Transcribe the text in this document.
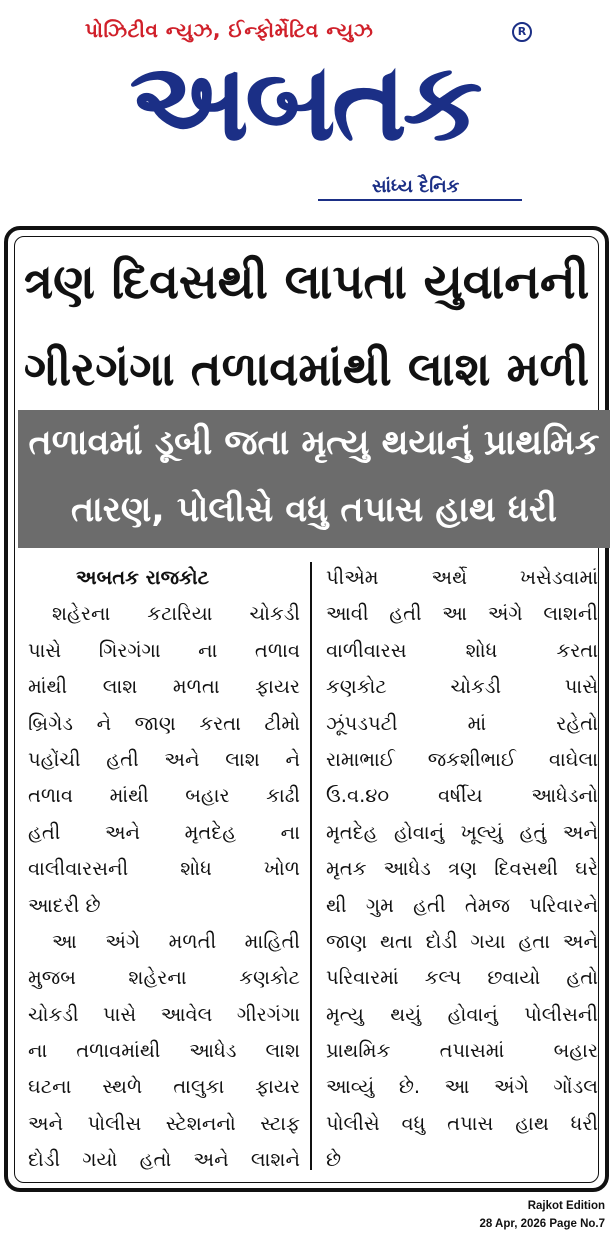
પોઝિટીવ ન્યુઝ, ઈન્ફોર્મેટિવ ન્યુઝ	R
અબતક
સાંધ્ય દૈનિક
ત્રણ દિવસથી લાપતા યુવાનની
ગીરગંગા તળાવમાંથી લાશ મળી
તળાવમાં ડૂબી જતા મૃત્યુ થયાનું પ્રાથમિક
તારણ, પોલીસે વધુ તપાસ હાથ ધરી
અબતક રાજકોટ
શહેરના કટારિયા ચોકડી
પાસે ગિરગંગા ના તળાવ
માંથી લાશ મળતા ફાયર
બ્રિગેડ ને જાણ કરતા ટીમો
પહોંચી હતી અને લાશ ને
તળાવ માંથી બહાર કાઢી
હતી અને મૃતદેહ ના
વાલીવારસની શોધ ખોળ
આદરી છે
આ અંગે મળતી માહિતી
મુજબ શહેરના કણકોટ
ચોકડી પાસે આવેલ ગીરગંગા
ના તળાવમાંથી આધેડ લાશ
ઘટના સ્થળે તાલુકા ફાયર
અને પોલીસ સ્ટેશનનો સ્ટાફ
દોડી ગયો હતો અને લાશને
પીએમ અર્થે ખસેડવામાં
આવી હતી આ અંગે લાશની
વાળીવારસ શોધ કરતા
કણકોટ ચોકડી પાસે
ઝૂંપડપટી માં રહેતો
રામાભાઈ જકશીભાઈ વાઘેલા
ઉ.વ.૪૦ વર્ષીય આધેડનો
મૃતદેહ હોવાનું ખૂલ્યું હતું અને
મૃતક આધેડ ત્રણ દિવસથી ઘરે
થી ગુમ હતી તેમજ પરિવારને
જાણ થતા દોડી ગયા હતા અને
પરિવારમાં કલ્પ છવાયો હતો
મૃત્યુ થયું હોવાનું પોલીસની
પ્રાથમિક તપાસમાં બહાર
આવ્યું છે. આ અંગે ગોંડલ
પોલીસે વધુ તપાસ હાથ ધરી
છે
Rajkot Edition
28 Apr, 2026 Page No.7
